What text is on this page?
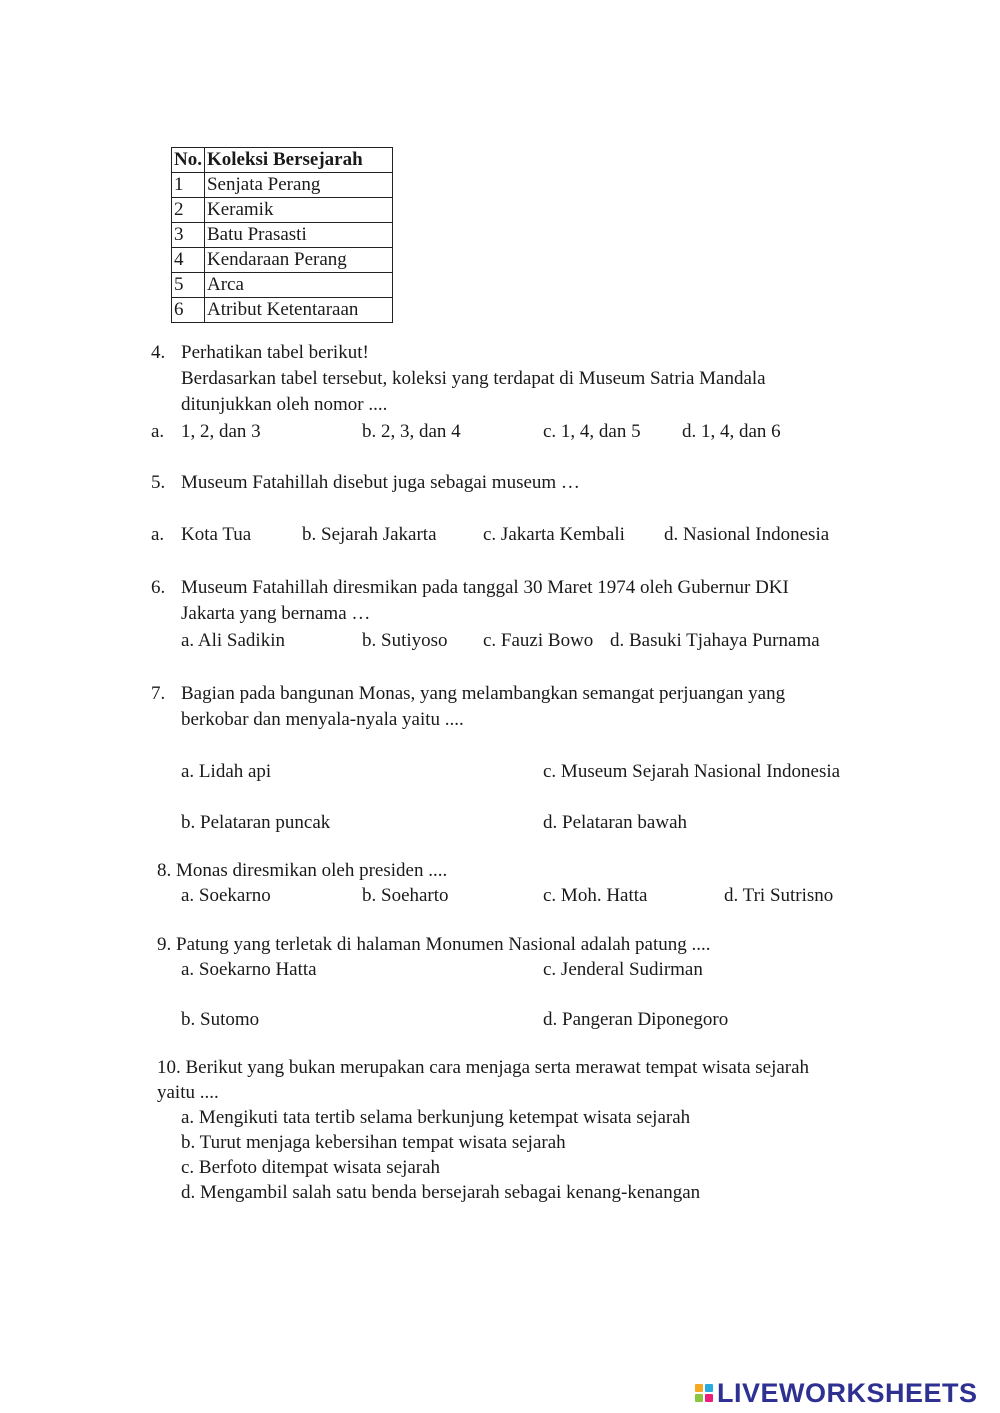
No.	Koleksi Bersejarah
1	Senjata Perang
2	Keramik
3	Batu Prasasti
4	Kendaraan Perang
5	Arca
6	Atribut Ketentaraan
4. Perhatikan tabel berikut!
Berdasarkan tabel tersebut, koleksi yang terdapat di Museum Satria Mandala
ditunjukkan oleh nomor ....
a. 1, 2, dan 3	b. 2, 3, dan 4	c. 1, 4, dan 5 d. 1, 4, dan 6
5. Museum Fatahillah disebut juga sebagai museum …
a. Kota Tua	b. Sejarah Jakarta c. Jakarta Kembali d. Nasional Indonesia
6. Museum Fatahillah diresmikan pada tanggal 30 Maret 1974 oleh Gubernur DKI
Jakarta yang bernama …
a. Ali Sadikin	b. Sutiyoso c. Fauzi Bowo d. Basuki Tjahaya Purnama
7. Bagian pada bangunan Monas, yang melambangkan semangat perjuangan yang
berkobar dan menyala-nyala yaitu ....
a. Lidah api	c. Museum Sejarah Nasional Indonesia
b. Pelataran puncak	d. Pelataran bawah
8. Monas diresmikan oleh presiden ....
a. Soekarno	b. Soeharto	c. Moh. Hatta	d. Tri Sutrisno
9. Patung yang terletak di halaman Monumen Nasional adalah patung ....
a. Soekarno Hatta	c. Jenderal Sudirman
b. Sutomo	d. Pangeran Diponegoro
10. Berikut yang bukan merupakan cara menjaga serta merawat tempat wisata sejarah
yaitu ....
a. Mengikuti tata tertib selama berkunjung ketempat wisata sejarah
b. Turut menjaga kebersihan tempat wisata sejarah
c. Berfoto ditempat wisata sejarah
d. Mengambil salah satu benda bersejarah sebagai kenang-kenangan
LIVEWORKSHEETS
